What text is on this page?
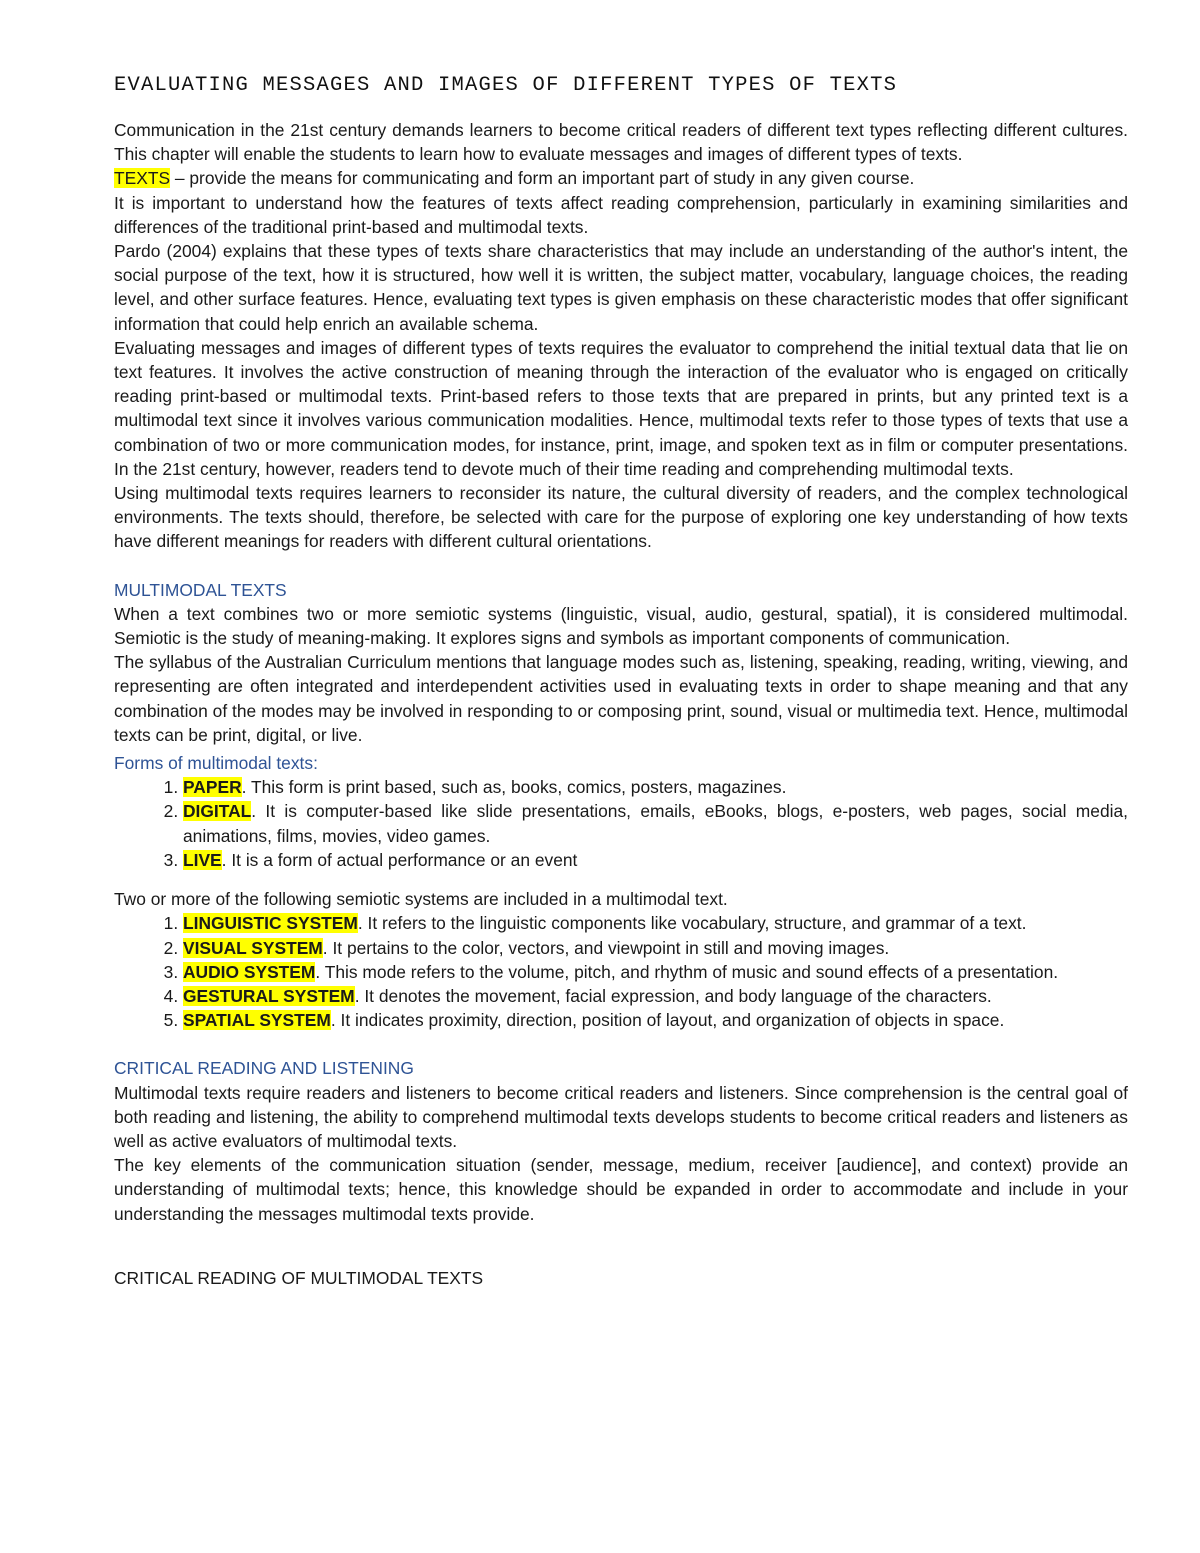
EVALUATING MESSAGES AND IMAGES OF DIFFERENT TYPES OF TEXTS

Communication in the 21st century demands learners to become critical readers of different text types reflecting different cultures. This chapter will enable the students to learn how to evaluate messages and images of different types of texts.

TEXTS – provide the means for communicating and form an important part of study in any given course.

It is important to understand how the features of texts affect reading comprehension, particularly in examining similarities and differences of the traditional print-based and multimodal texts.

Pardo (2004) explains that these types of texts share characteristics that may include an understanding of the author's intent, the social purpose of the text, how it is structured, how well it is written, the subject matter, vocabulary, language choices, the reading level, and other surface features. Hence, evaluating text types is given emphasis on these characteristic modes that offer significant information that could help enrich an available schema.

Evaluating messages and images of different types of texts requires the evaluator to comprehend the initial textual data that lie on text features. It involves the active construction of meaning through the interaction of the evaluator who is engaged on critically reading print-based or multimodal texts. Print-based refers to those texts that are prepared in prints, but any printed text is a multimodal text since it involves various communication modalities. Hence, multimodal texts refer to those types of texts that use a combination of two or more communication modes, for instance, print, image, and spoken text as in film or computer presentations. In the 21st century, however, readers tend to devote much of their time reading and comprehending multimodal texts.

Using multimodal texts requires learners to reconsider its nature, the cultural diversity of readers, and the complex technological environments. The texts should, therefore, be selected with care for the purpose of exploring one key understanding of how texts have different meanings for readers with different cultural orientations.

MULTIMODAL TEXTS

When a text combines two or more semiotic systems (linguistic, visual, audio, gestural, spatial), it is considered multimodal. Semiotic is the study of meaning-making. It explores signs and symbols as important components of communication.

The syllabus of the Australian Curriculum mentions that language modes such as, listening, speaking, reading, writing, viewing, and representing are often integrated and interdependent activities used in evaluating texts in order to shape meaning and that any combination of the modes may be involved in responding to or composing print, sound, visual or multimedia text. Hence, multimodal texts can be print, digital, or live.

Forms of multimodal texts:

1. PAPER. This form is print based, such as, books, comics, posters, magazines.
2. DIGITAL. It is computer-based like slide presentations, emails, eBooks, blogs, e-posters, web pages, social media, animations, films, movies, video games.
3. LIVE. It is a form of actual performance or an event

Two or more of the following semiotic systems are included in a multimodal text.

1. LINGUISTIC SYSTEM. It refers to the linguistic components like vocabulary, structure, and grammar of a text.
2. VISUAL SYSTEM. It pertains to the color, vectors, and viewpoint in still and moving images.
3. AUDIO SYSTEM. This mode refers to the volume, pitch, and rhythm of music and sound effects of a presentation.
4. GESTURAL SYSTEM. It denotes the movement, facial expression, and body language of the characters.
5. SPATIAL SYSTEM. It indicates proximity, direction, position of layout, and organization of objects in space.

CRITICAL READING AND LISTENING

Multimodal texts require readers and listeners to become critical readers and listeners. Since comprehension is the central goal of both reading and listening, the ability to comprehend multimodal texts develops students to become critical readers and listeners as well as active evaluators of multimodal texts.

The key elements of the communication situation (sender, message, medium, receiver [audience], and context) provide an understanding of multimodal texts; hence, this knowledge should be expanded in order to accommodate and include in your understanding the messages multimodal texts provide.

CRITICAL READING OF MULTIMODAL TEXTS
